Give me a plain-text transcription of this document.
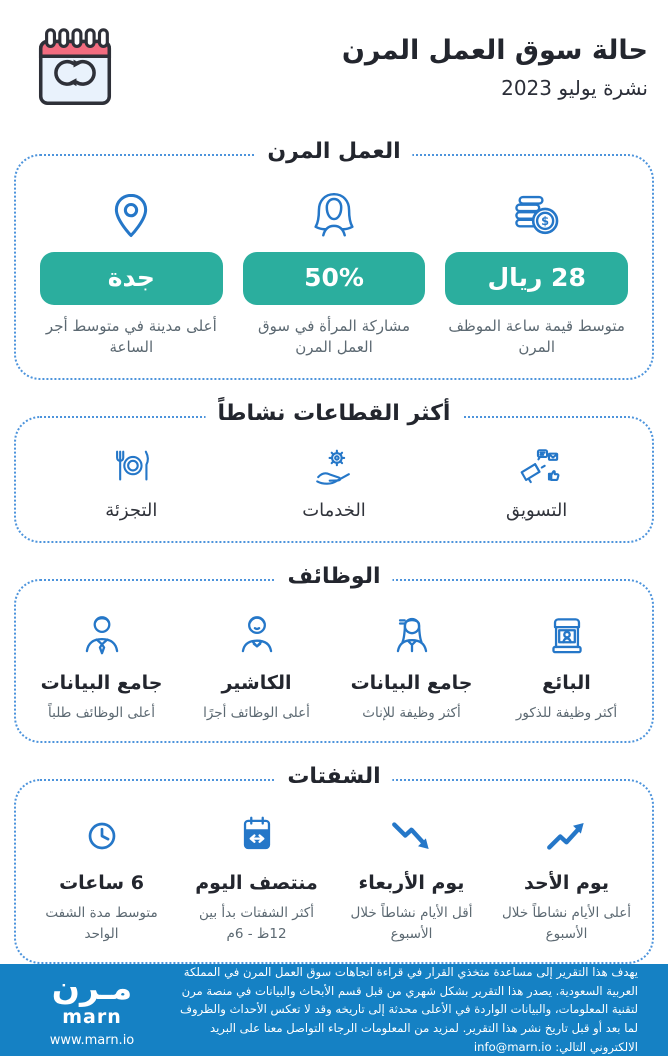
حالة سوق العمل المرن
نشرة يوليو 2023
العمل المرن
$
28 ريال
متوسط قيمة ساعة الموظف المرن
50%
مشاركة المرأة في سوق العمل المرن
جدة
أعلى مدينة في متوسط أجر الساعة
أكثر القطاعات نشاطاً
التسويق
الخدمات
التجزئة
الوظائف
البائع
أكثر وظيفة للذكور
جامع البيانات
أكثر وظيفة للإناث
الكاشير
أعلى الوظائف أجرًا
جامع البيانات
أعلى الوظائف طلباً
الشفتات
يوم الأحد
أعلى الأيام نشاطاً خلال الأسبوع
يوم الأربعاء
أقل الأيام نشاطاً خلال الأسبوع
منتصف اليوم
أكثر الشفتات بدأ بين 12ظ - 6م
6 ساعات
متوسط مدة الشفت الواحد
يهدف هذا التقرير إلى مساعدة متخذي القرار في قراءة اتجاهات سوق العمل المرن في المملكة العربية السعودية. يصدر هذا التقرير بشكل شهري من قبل قسم الأبحاث والبيانات في منصة مرن لتقنية المعلومات، والبيانات الواردة في الأعلى محدثة إلى تاريخه وقد لا تعكس الأحداث والظروف لما بعد أو قبل تاريخ نشر هذا التقرير. لمزيد من المعلومات الرجاء التواصل معنا على البريد الالكتروني التالي: info@marn.io
مـرن
marn
www.marn.io
